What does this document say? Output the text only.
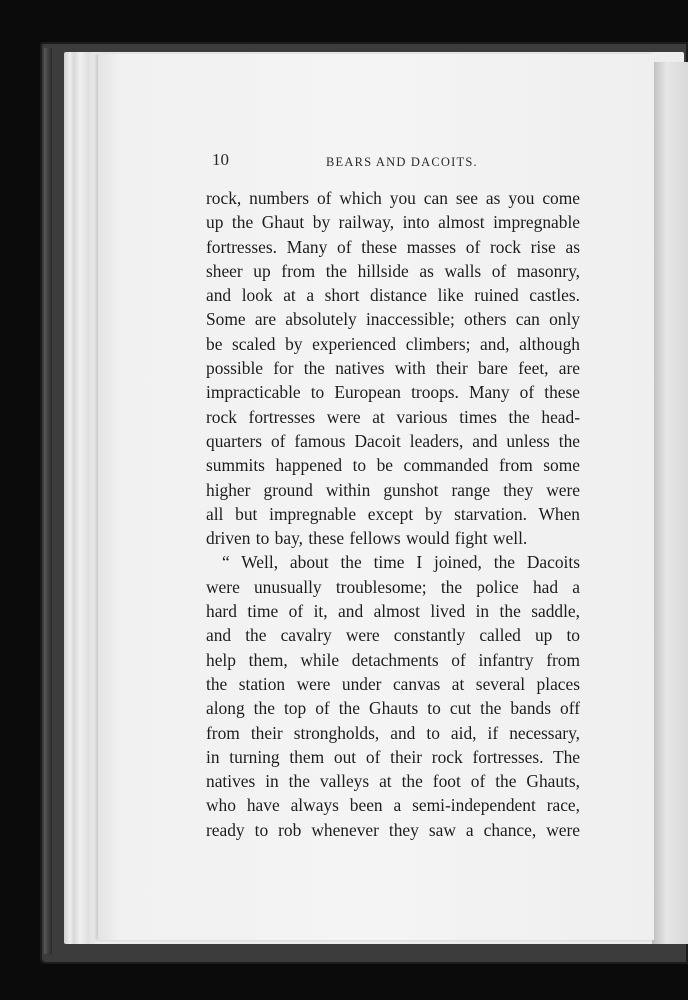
10	BEARS AND DACOITS.
rock, numbers of which you can see as you come
up the Ghaut by railway, into almost impregnable
fortresses. Many of these masses of rock rise as
sheer up from the hillside as walls of masonry,
and look at a short distance like ruined castles.
Some are absolutely inaccessible; others can only
be scaled by experienced climbers; and, although
possible for the natives with their bare feet, are
impracticable to European troops. Many of these
rock fortresses were at various times the head-
quarters of famous Dacoit leaders, and unless the
summits happened to be commanded from some
higher ground within gunshot range they were
all but impregnable except by starvation. When
driven to bay, these fellows would fight well.
“ Well, about the time I joined, the Dacoits
were unusually troublesome; the police had a
hard time of it, and almost lived in the saddle,
and the cavalry were constantly called up to
help them, while detachments of infantry from
the station were under canvas at several places
along the top of the Ghauts to cut the bands off
from their strongholds, and to aid, if necessary,
in turning them out of their rock fortresses. The
natives in the valleys at the foot of the Ghauts,
who have always been a semi-independent race,
ready to rob whenever they saw a chance, were
